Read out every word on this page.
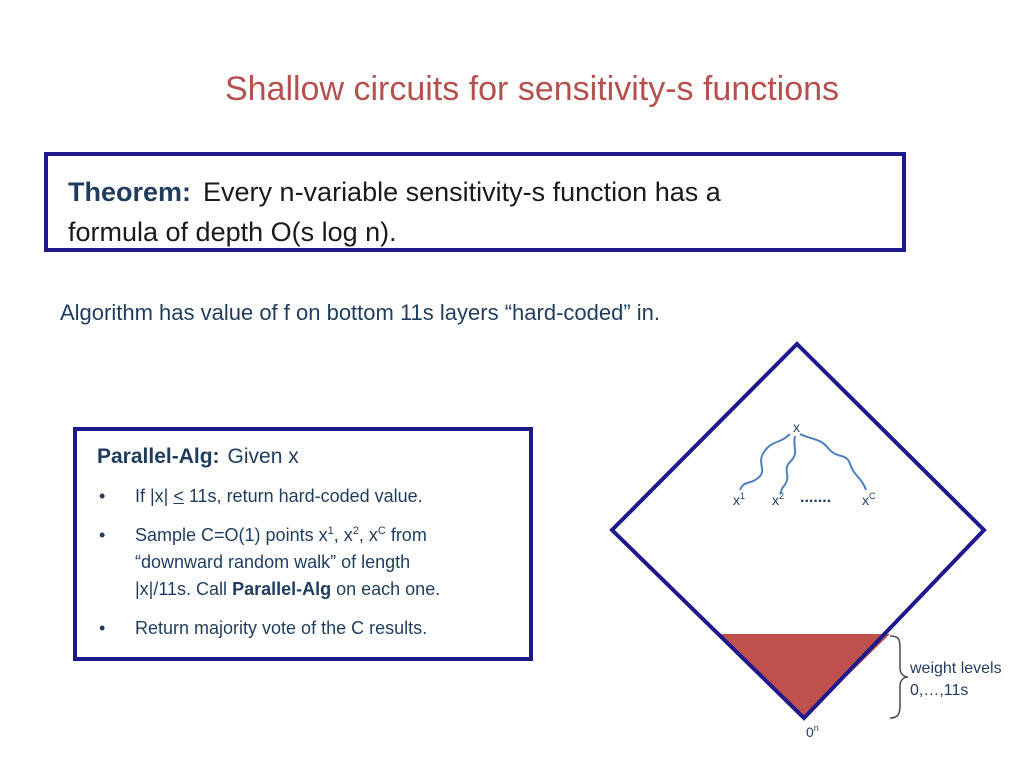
Shallow circuits for sensitivity-s functions
Theorem: Every n-variable sensitivity-s function has a
formula of depth O(s log n).
Algorithm has value of f on bottom 11s layers “hard-coded” in.
Parallel-Alg: Given x
• If |x| ≤ 11s, return hard-coded value.
• Sample C=O(1) points $x^1$, $x^2$, $x^C$ from
“downward random walk” of length
|x|/11s. Call Parallel-Alg on each one.
• Return majority vote of the C results.
x
$x^1$ $x^2$ ....... $x^C$
0$^n$
weight levels
0,…,11s
